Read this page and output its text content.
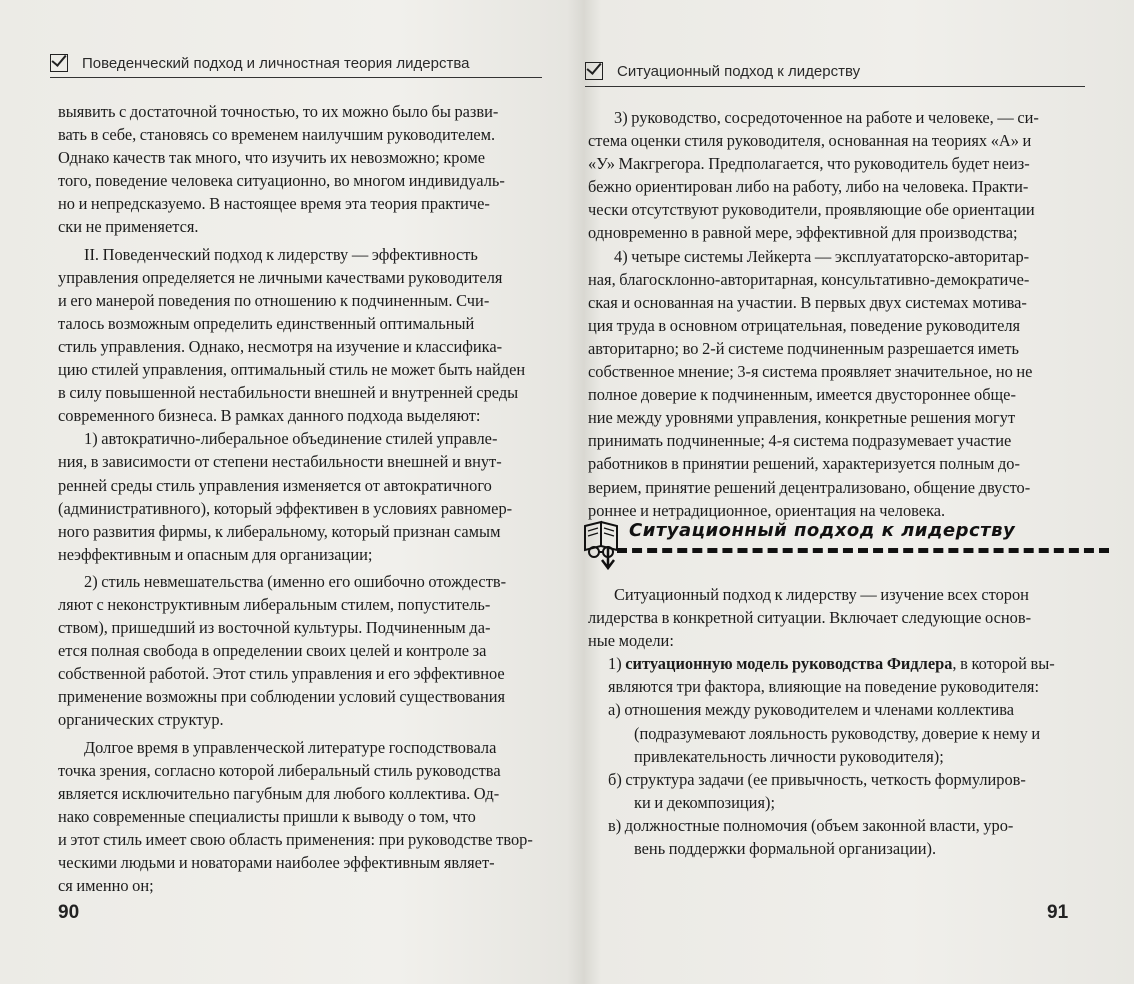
Поведенческий подход и личностная теория лидерства

выявить с достаточной точностью, то их можно было бы разви-
вать в себе, становясь со временем наилучшим руководителем.
Однако качеств так много, что изучить их невозможно; кроме
того, поведение человека ситуационно, во многом индивидуаль-
но и непредсказуемо. В настоящее время эта теория практиче-
ски не применяется.

II. Поведенческий подход к лидерству — эффективность
управления определяется не личными качествами руководителя
и его манерой поведения по отношению к подчиненным. Счи-
талось возможным определить единственный оптимальный
стиль управления. Однако, несмотря на изучение и классифика-
цию стилей управления, оптимальный стиль не может быть найден
в силу повышенной нестабильности внешней и внутренней среды
современного бизнеса. В рамках данного подхода выделяют:

1) автократично-либеральное объединение стилей управле-
ния, в зависимости от степени нестабильности внешней и внут-
ренней среды стиль управления изменяется от автократичного
(административного), который эффективен в условиях равномер-
ного развития фирмы, к либеральному, который признан самым
неэффективным и опасным для организации;

2) стиль невмешательства (именно его ошибочно отождеств-
ляют с неконструктивным либеральным стилем, попуститель-
ством), пришедший из восточной культуры. Подчиненным да-
ется полная свобода в определении своих целей и контроле за
собственной работой. Этот стиль управления и его эффективное
применение возможны при соблюдении условий существования
органических структур.

Долгое время в управленческой литературе господствовала
точка зрения, согласно которой либеральный стиль руководства
является исключительно пагубным для любого коллектива. Од-
нако современные специалисты пришли к выводу о том, что
и этот стиль имеет свою область применения: при руководстве твор-
ческими людьми и новаторами наиболее эффективным являет-
ся именно он;

90
Ситуационный подход к лидерству

3) руководство, сосредоточенное на работе и человеке, — си-
стема оценки стиля руководителя, основанная на теориях «А» и
«У» Макгрегора. Предполагается, что руководитель будет неиз-
бежно ориентирован либо на работу, либо на человека. Практи-
чески отсутствуют руководители, проявляющие обе ориентации
одновременно в равной мере, эффективной для производства;

4) четыре системы Лейкерта — эксплуататорско-авторитар-
ная, благосклонно-авторитарная, консультативно-демократиче-
ская и основанная на участии. В первых двух системах мотива-
ция труда в основном отрицательная, поведение руководителя
авторитарно; во 2-й системе подчиненным разрешается иметь
собственное мнение; 3-я система проявляет значительное, но не
полное доверие к подчиненным, имеется двустороннее обще-
ние между уровнями управления, конкретные решения могут
принимать подчиненные; 4-я система подразумевает участие
работников в принятии решений, характеризуется полным до-
верием, принятие решений децентрализовано, общение двусто-
роннее и нетрадиционное, ориентация на человека.

Ситуационный подход к лидерству

Ситуационный подход к лидерству — изучение всех сторон
лидерства в конкретной ситуации. Включает следующие основ-
ные модели:

1) ситуационную модель руководства Фидлера, в которой вы-
являются три фактора, влияющие на поведение руководителя:

а) отношения между руководителем и членами коллектива
(подразумевают лояльность руководству, доверие к нему и
привлекательность личности руководителя);

б) структура задачи (ее привычность, четкость формулиров-
ки и декомпозиция);

в) должностные полномочия (объем законной власти, уро-
вень поддержки формальной организации).

91
